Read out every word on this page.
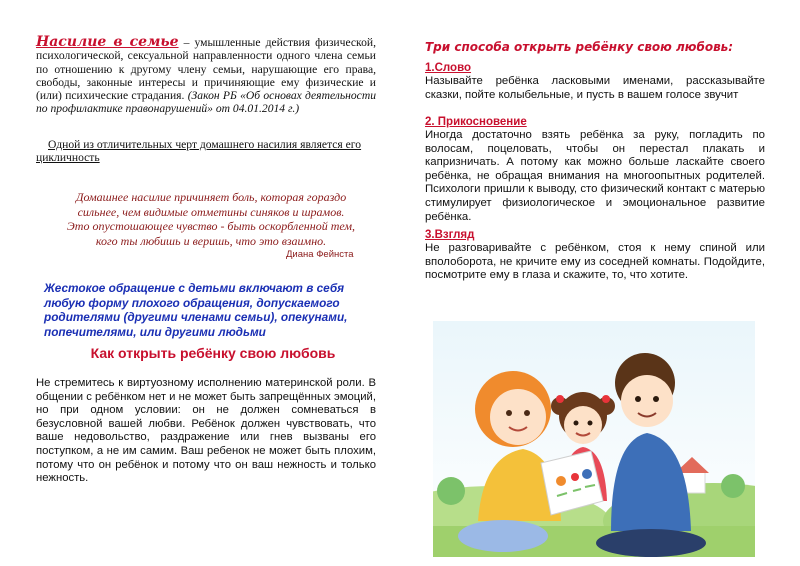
Насилие в семье – умышленные действия физической, психологической, сексуальной направленности одного члена семьи по отношению к другому члену семьи, нарушающие его права, свободы, законные интересы и причиняющие ему физические и (или) психические страдания. (Закон РБ «Об основах деятельности по профилактике правонарушений» от 04.01.2014 г.)

Одной из отличительных черт домашнего насилия является его цикличность

Домашнее насилие причиняет боль, которая гораздо
сильнее, чем видимые отметины синяков и шрамов.
Это опустошающее чувство - быть оскорбленной тем,
кого ты любишь и веришь, что это взаимно.
Диана Фейнста

Жестокое обращение с детьми включают в себя любую форму плохого обращения, допускаемого родителями (другими членами семьи), опекунами, попечителями, или другими людьми

Как открыть ребёнку свою любовь

Не стремитесь к виртуозному исполнению материнской роли. В общении с ребёнком нет и не может быть запрещённых эмоций, но при одном условии: он не должен сомневаться в безусловной вашей любви. Ребёнок должен чувствовать, что ваше недовольство, раздражение или гнев вызваны его поступком, а не им самим. Ваш ребенок не может быть плохим, потому что он ребёнок и потому что он ваш нежность и только нежность.

Три способа открыть ребёнку свою любовь:
1.Слово

Называйте ребёнка ласковыми именами, рассказывайте сказки, пойте колыбельные, и пусть в вашем голосе звучит

2. Прикосновение

Иногда достаточно взять ребёнка за руку, погладить по волосам, поцеловать, чтобы он перестал плакать и капризничать. А потому как можно больше ласкайте своего ребёнка, не обращая внимания на многоопытных родителей. Психологи пришли к выводу, сто физический контакт с матерью стимулирует физиологическое и эмоциональное развитие ребёнка.

3.Взгляд

Не разговаривайте с ребёнком, стоя к нему спиной или вполоборота, не кричите ему из соседней комнаты. Подойдите, посмотрите ему в глаза и скажите, то, что хотите.
